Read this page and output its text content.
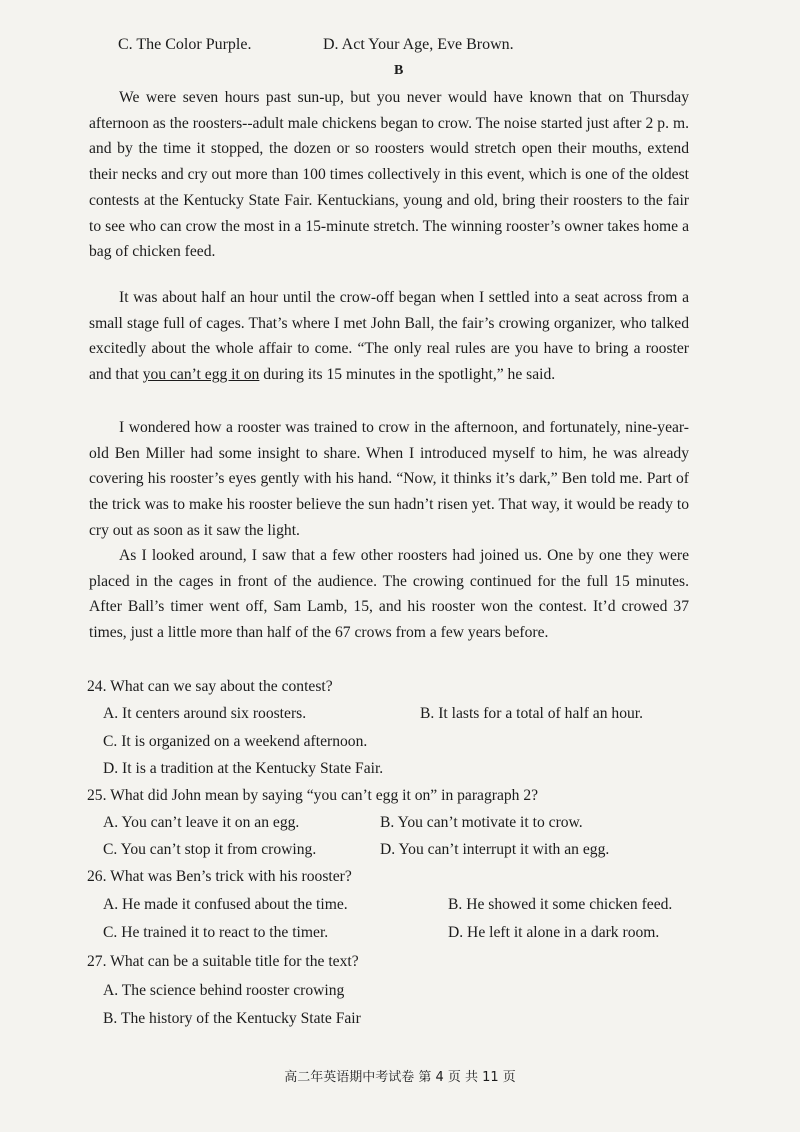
C. The Color Purple.	D. Act Your Age, Eve Brown.
B
We were seven hours past sun-up, but you never would have known that on Thursday afternoon as the roosters--adult male chickens began to crow. The noise started just after 2 p. m. and by the time it stopped, the dozen or so roosters would stretch open their mouths, extend their necks and cry out more than 100 times collectively in this event, which is one of the oldest contests at the Kentucky State Fair. Kentuckians, young and old, bring their roosters to the fair to see who can crow the most in a 15-minute stretch. The winning rooster’s owner takes home a bag of chicken feed.
It was about half an hour until the crow-off began when I settled into a seat across from a small stage full of cages. That’s where I met John Ball, the fair’s crowing organizer, who talked excitedly about the whole affair to come. “The only real rules are you have to bring a rooster and that you can’t egg it on during its 15 minutes in the spotlight,” he said.
I wondered how a rooster was trained to crow in the afternoon, and fortunately, nine-year-old Ben Miller had some insight to share. When I introduced myself to him, he was already covering his rooster’s eyes gently with his hand. “Now, it thinks it’s dark,” Ben told me. Part of the trick was to make his rooster believe the sun hadn’t risen yet. That way, it would be ready to cry out as soon as it saw the light.
As I looked around, I saw that a few other roosters had joined us. One by one they were placed in the cages in front of the audience. The crowing continued for the full 15 minutes. After Ball’s timer went off, Sam Lamb, 15, and his rooster won the contest. It’d crowed 37 times, just a little more than half of the 67 crows from a few years before.
24. What can we say about the contest?
A. It centers around six roosters.	B. It lasts for a total of half an hour.
C. It is organized on a weekend afternoon.
D. It is a tradition at the Kentucky State Fair.
25. What did John mean by saying “you can’t egg it on” in paragraph 2?
A. You can’t leave it on an egg.	B. You can’t motivate it to crow.
C. You can’t stop it from crowing.	D. You can’t interrupt it with an egg.
26. What was Ben’s trick with his rooster?
A. He made it confused about the time.	B. He showed it some chicken feed.
C. He trained it to react to the timer.	D. He left it alone in a dark room.
27. What can be a suitable title for the text?
A. The science behind rooster crowing
B. The history of the Kentucky State Fair
高二年英语期中考试卷 第 4 页 共 11 页
